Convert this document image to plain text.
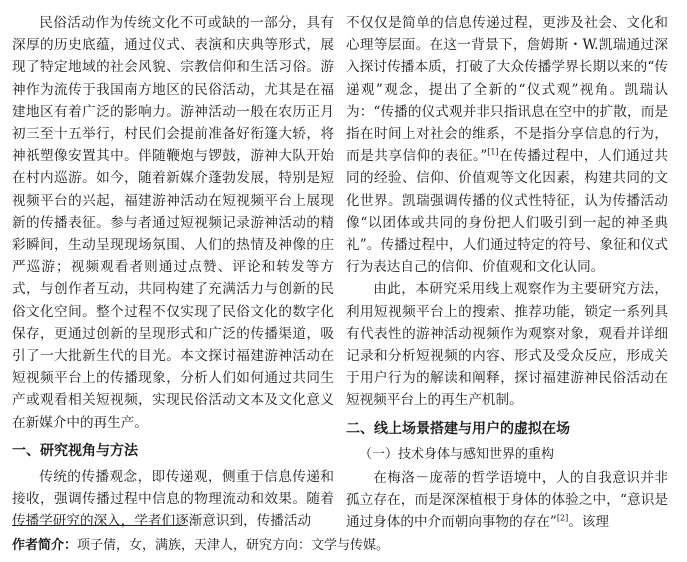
民俗活动作为传统文化不可或缺的一部分，具有深厚的历史底蕴，通过仪式、表演和庆典等形式，展现了特定地域的社会风貌、宗教信仰和生活习俗。游神作为流传于我国南方地区的民俗活动，尤其是在福建地区有着广泛的影响力。游神活动一般在农历正月初三至十五举行，村民们会提前准备好衔篷大轿，将神祇塑像安置其中。伴随鞭炮与锣鼓，游神大队开始在村内巡游。如今，随着新媒介蓬勃发展，特别是短视频平台的兴起，福建游神活动在短视频平台上展现新的传播表征。参与者通过短视频记录游神活动的精彩瞬间，生动呈现现场氛围、人们的热情及神像的庄严巡游；视频观看者则通过点赞、评论和转发等方式，与创作者互动，共同构建了充满活力与创新的民俗文化空间。整个过程不仅实现了民俗文化的数字化保存，更通过创新的呈现形式和广泛的传播渠道，吸引了一大批新生代的目光。本文探讨福建游神活动在短视频平台上的传播现象，分析人们如何通过共同生产或观看相关短视频，实现民俗活动文本及文化意义在新媒介中的再生产。

一、研究视角与方法

传统的传播观念，即传递观，侧重于信息传递和接收，强调传播过程中信息的物理流动和效果。随着传播学研究的深入，学者们逐渐意识到，传播活动

不仅仅是简单的信息传递过程，更涉及社会、文化和心理等层面。在这一背景下，詹姆斯・W.凯瑞通过深入探讨传播本质，打破了大众传播学界长期以来的“传递观”观念，提出了全新的“仪式观”视角。凯瑞认为：“传播的仪式观并非只指讯息在空中的扩散，而是指在时间上对社会的维系，不是指分享信息的行为，而是共享信仰的表征。”[1]在传播过程中，人们通过共同的经验、信仰、价值观等文化因素，构建共同的文化世界。凯瑞强调传播的仪式性特征，认为传播活动像“以团体或共同的身份把人们吸引到一起的神圣典礼”。传播过程中，人们通过特定的符号、象征和仪式行为表达自己的信仰、价值观和文化认同。

由此，本研究采用线上观察作为主要研究方法，利用短视频平台上的搜索、推荐功能，锁定一系列具有代表性的游神活动视频作为观察对象，观看并详细记录和分析短视频的内容、形式及受众反应，形成关于用户行为的解读和阐释，探讨福建游神民俗活动在短视频平台上的再生产机制。

二、线上场景搭建与用户的虚拟在场
（一）技术身体与感知世界的重构

在梅洛－庞蒂的哲学语境中，人的自我意识并非孤立存在，而是深深植根于身体的体验之中，“意识是通过身体的中介而朝向事物的存在”[2]。该理

作者简介：项子倩，女，满族，天津人，研究方向：文学与传媒。
